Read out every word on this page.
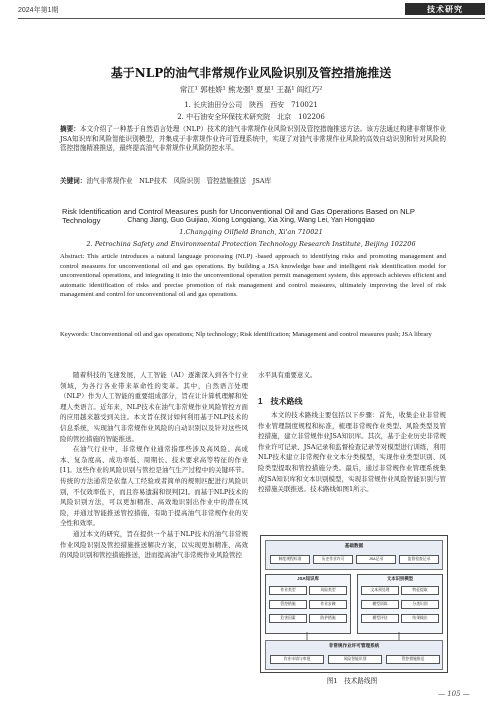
2024年第1期	技术研究
基于NLP的油气非常规作业风险识别及管控措施推送
常江¹ 郭桂娇¹ 熊龙强¹ 夏星¹ 王磊¹ 阎红巧²
1. 长庆油田分公司　陕西　西安　710021
2. 中石油安全环保技术研究院　北京　102206
摘要：本文介绍了一种基于自然语言处理（NLP）技术的油气非常规作业风险识别及管控措施推送方法。该方法通过构建非常规作业JSA知识库和风险智能识别模型，并集成于非常规作业许可管理系统中，实现了对油气非常规作业风险的高效自动识别和针对风险的管控措施精准推送，最终提高油气非常规作业风险防控水平。
关键词：油气非常规作业　NLP技术　风险识别　管控措施推送　JSA库
Risk Identification and Control Measures push for Unconventional Oil and Gas Operations Based on NLP Technology	Chang Jiang, Guo Guijiao, Xiong Longqiang, Xia Xing, Wang Lei, Yan Hongqiao
1.Changqing Oilfield Branch, Xi'an 710021
2. Petrochina Safety and Environmental Protection Technology Research Institute, Beijing 102206
Abstract: This article introduces a natural language processing (NLP) -based approach to identifying risks and promoting management and control measures for unconventional oil and gas operations. By building a JSA knowledge base and intelligent risk identification model for unconventional operations, and integrating it into the unconventional operation permit management system, this approach achieves efficient and automatic identification of risks and precise promotion of risk management and control measures, ultimately improving the level of risk management and control for unconventional oil and gas operations.
Keywords: Unconventional oil and gas operations; Nlp technology; Risk identification; Management and control measures push; JSA library
随着科技的飞速发展，人工智能（AI）逐渐深入到各个行业领域，为各行各业带来革命性的变革。其中，自然语言处理（NLP）作为人工智能的重要组成部分，旨在让计算机理解和处理人类语言。近年来，NLP技术在油气非常规作业风险管控方面的应用越来越受到关注。本文旨在探讨如何利用基于NLP技术的信息系统，实现油气非常规作业风险的自动识别以及针对这些风险的管控措施的智能推送。
在油气行业中，非常规作业通常指那些涉及高风险、高成本、复杂度高、成功率低、周期长、技术要求高等特征的作业[1]。这些作业的风险识别与管控是油气生产过程中的关键环节。传统的方法通常是依靠人工经验或者简单的规则匹配进行风险识别，不仅效率低下，而且容易遗漏和误判[2]。而基于NLP技术的风险识别方法，可以更加精准、高效地识别出作业中的潜在风险，并通过智能推送管控措施，有助于提高油气非常规作业的安全性和效率。
通过本文的研究，旨在提供一个基于NLP技术的油气非常规作业风险识别及管控措施推送解决方案，以实现更加精准、高效的风险识别和管控措施推送，进而提高油气非常规作业风险管控
水平具有重要意义。
1　技术路线
本文的技术路线主要包括以下步骤：首先，收集企业非常规作业管理制度规程和标准，梳理非常规作业类型、风险类型及管控措施，建立非常规作业JSA知识库。其次，基于企业历史非常规作业许可记录、JSA记录和监督检查记录等对模型进行训练，利用NLP技术建立非常规作业文本分类模型，实现作业类型识别、风险类型提取和管控措施分类。最后，通过非常规作业管理系统集成JSA知识库和文本识别模型，实现非常规作业风险智能识别与管控措施关联推送。技术路线如图1所示。
基础数据
制度规程标准	历史作业许可	JSA记录	监督检查记录
JSA知识库
作业类型	风险类型
管控措施	作业步骤
危害因素	防护措施
文本识别模型
文本预处理	特征提取
模型训练	分类识别
模型评估	结果输出
非常规作业许可管理系统
作业申请与审批	风险智能识别	管控措施推送
图1　技术路线图
— 105 —
